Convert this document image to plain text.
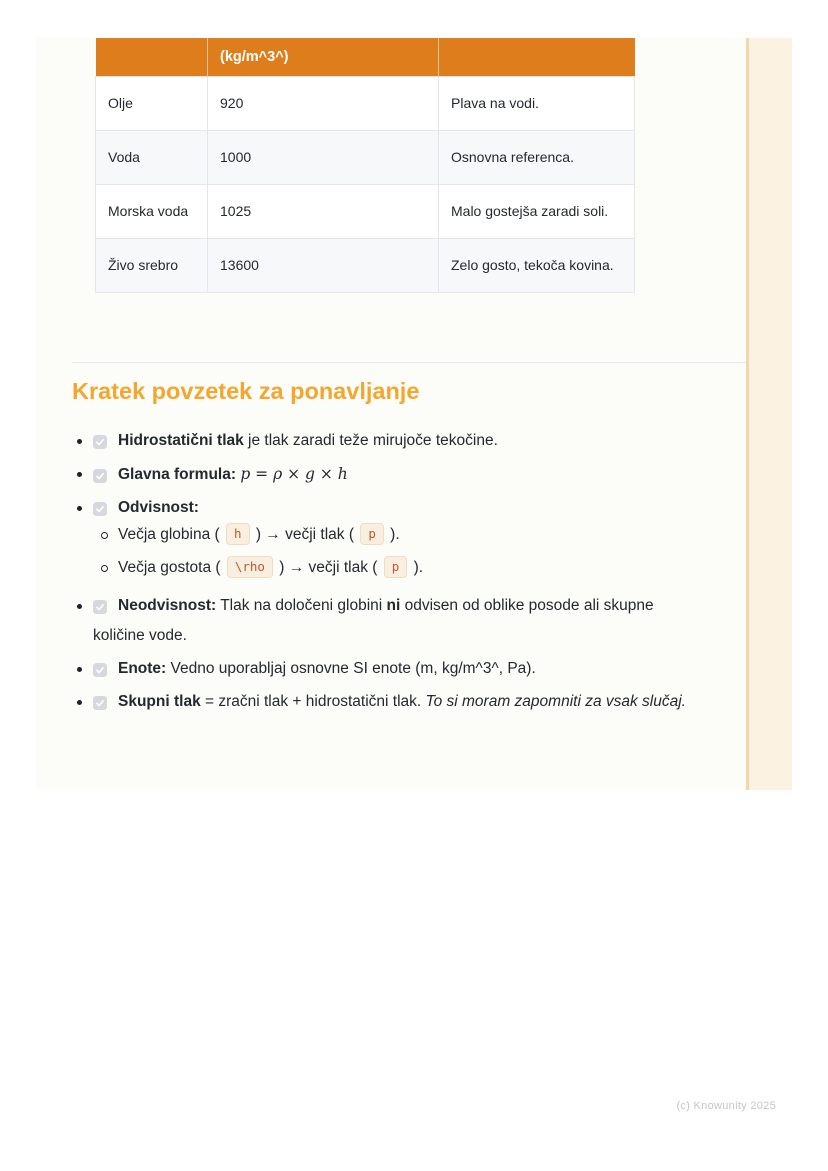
	(kg/m^3^)	
Olje	920	Plava na vodi.
Voda	1000	Osnovna referenca.
Morska voda	1025	Malo gostejša zaradi soli.
Živo srebro	13600	Zelo gosto, tekoča kovina.
Kratek povzetek za ponavljanje
Hidrostatični tlak je tlak zaradi teže mirujoče tekočine.
Glavna formula: p = ρ × g × h
Odvisnost:
Večja globina ( h ) → večji tlak ( p ).
Večja gostota ( \rho ) → večji tlak ( p ).
Neodvisnost: Tlak na določeni globini ni odvisen od oblike posode ali skupne količine vode.
Enote: Vedno uporabljaj osnovne SI enote (m, kg/m^3^, Pa).
Skupni tlak = zračni tlak + hidrostatični tlak. To si moram zapomniti za vsak slučaj.
(c) Knowunity 2025
